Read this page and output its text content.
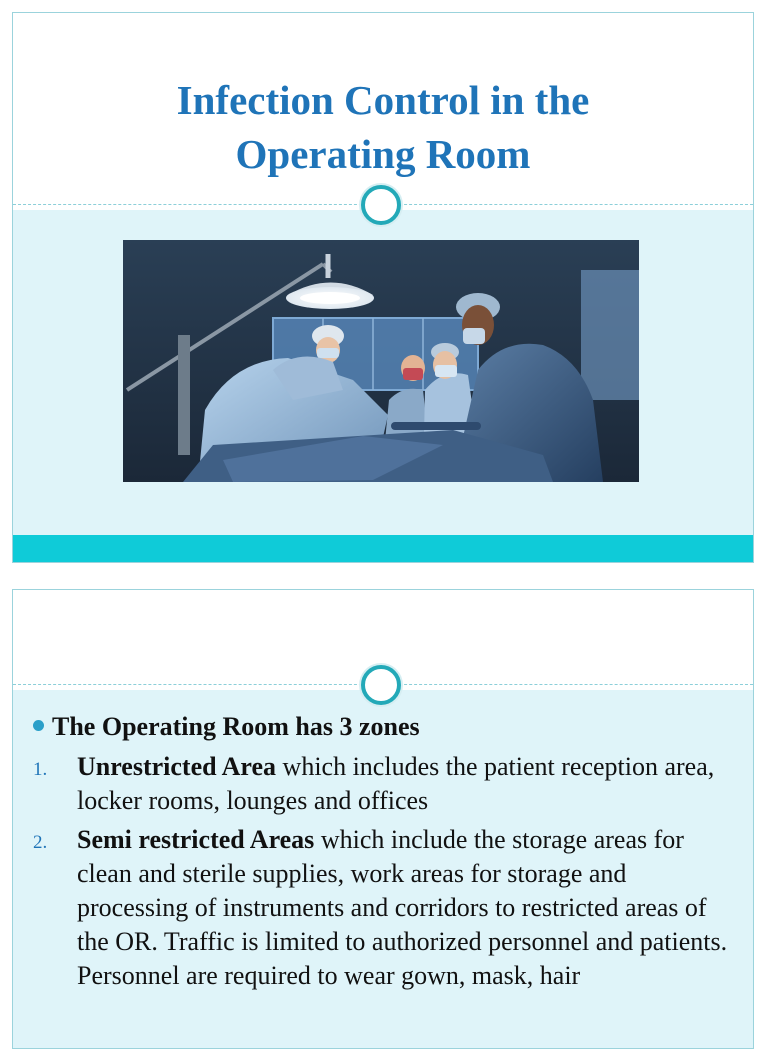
Infection Control in the
Operating Room
The Operating Room has 3 zones
1.	Unrestricted Area which includes the patient reception area, locker rooms, lounges and offices
2.	Semi restricted Areas which include the storage areas for clean and sterile supplies, work areas for storage and processing of instruments and corridors to restricted areas of the OR. Traffic is limited to authorized personnel and patients. Personnel are required to wear gown, mask, hair
